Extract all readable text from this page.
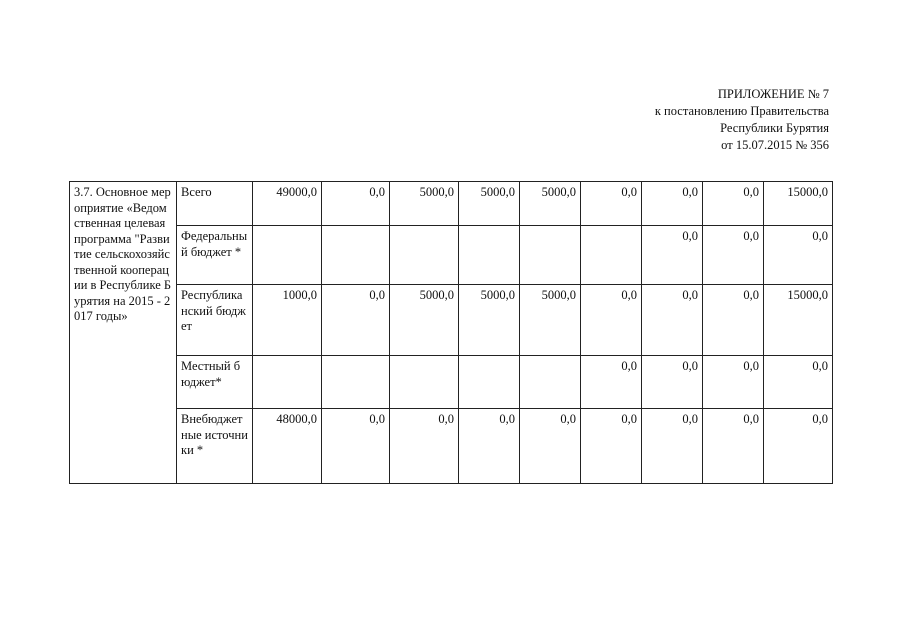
ПРИЛОЖЕНИЕ № 7
к постановлению Правительства
Республики Бурятия
от 15.07.2015 № 356
3.7. Основное мероприятие «Ведомственная целевая программа "Развитие сельскохозяйственной кооперации в Республике Бурятия на 2015 - 2017 годы»	Всего	49000,0	0,0	5000,0	5000,0	5000,0	0,0	0,0	0,0	15000,0
	Федеральный бюджет *							0,0	0,0	0,0
	Республиканский бюджет	1000,0	0,0	5000,0	5000,0	5000,0	0,0	0,0	0,0	15000,0
	Местный бюджет*						0,0	0,0	0,0	0,0
	Внебюджетные источники *	48000,0	0,0	0,0	0,0	0,0	0,0	0,0	0,0	0,0
